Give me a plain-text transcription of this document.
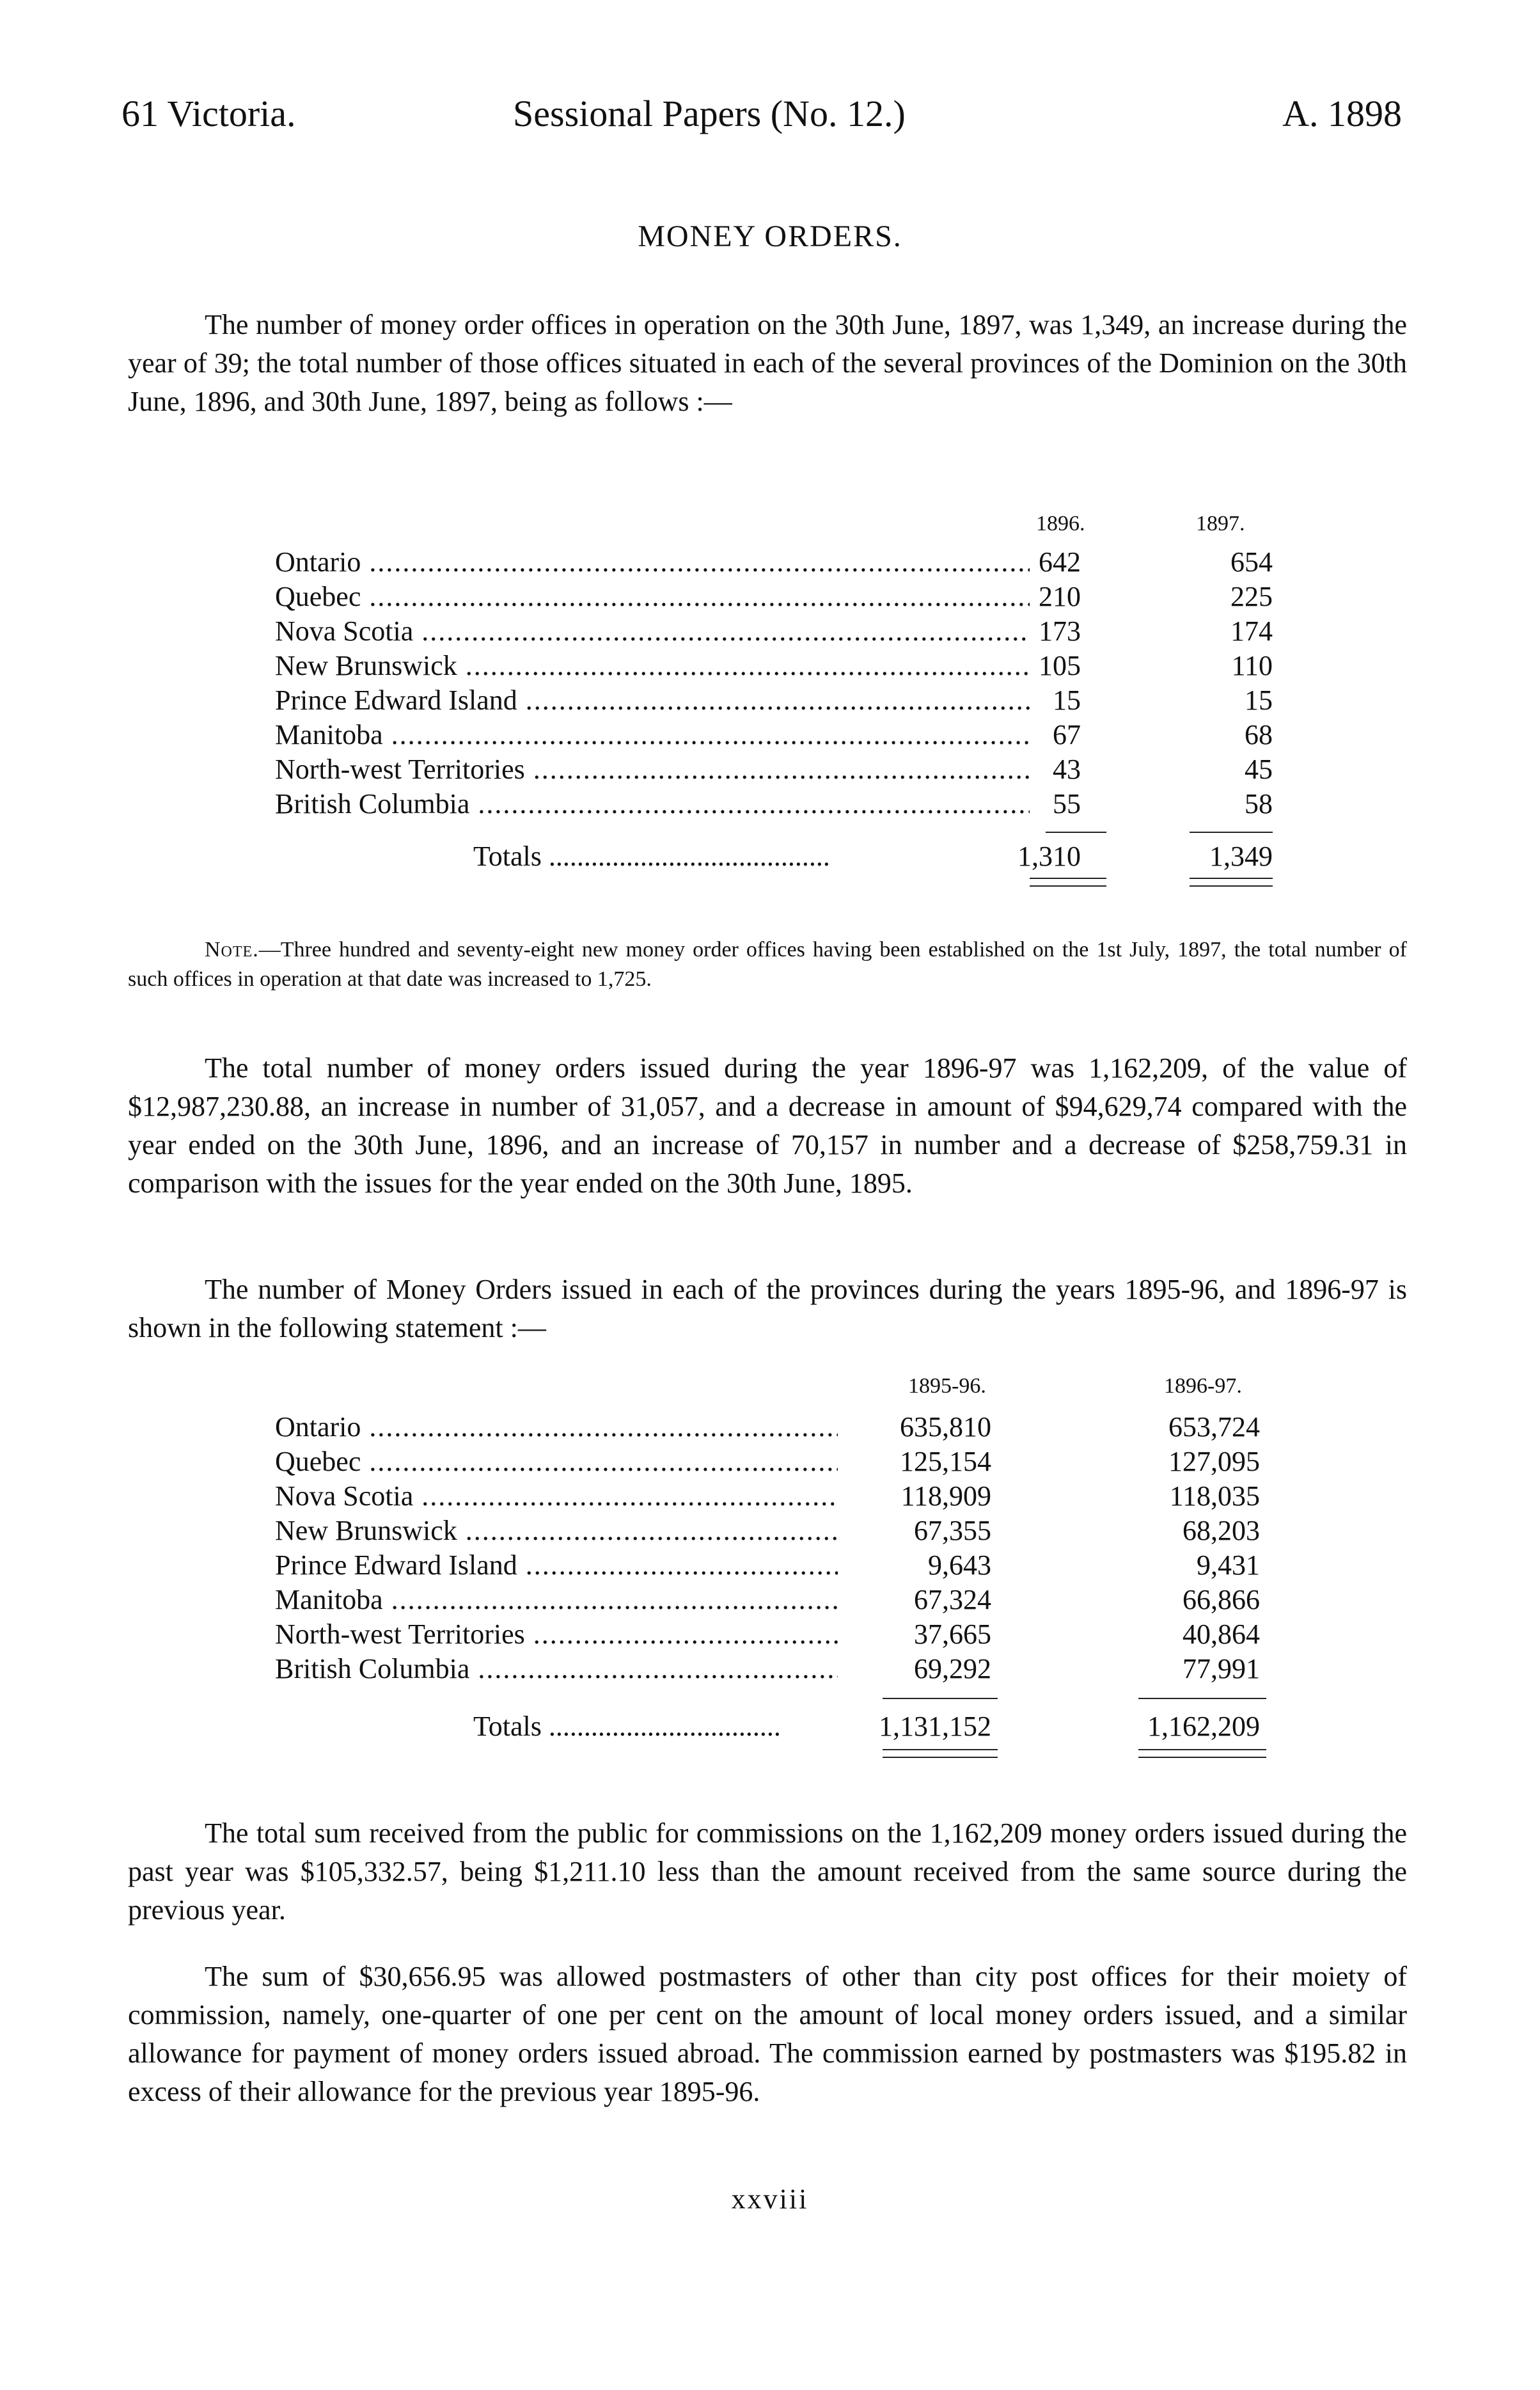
61 Victoria.	Sessional Papers (No. 12.)	A. 1898
MONEY ORDERS.
The number of money order offices in operation on the 30th June, 1897, was 1,349, an increase during the year of 39; the total number of those offices situated in each of the several provinces of the Dominion on the 30th June, 1896, and 30th June, 1897, being as follows :—
1896.	1897.
Ontario .....	642	654
Quebec .....	210	225
Nova Scotia .....	173	174
New Brunswick .....	105	110
Prince Edward Island .....	15	15
Manitoba .....	67	68
North-west Territories .....	43	45
British Columbia .....	55	58
Totals ........................................	1,310	1,349
Note.—Three hundred and seventy-eight new money order offices having been established on the 1st July, 1897, the total number of such offices in operation at that date was increased to 1,725.
The total number of money orders issued during the year 1896-97 was 1,162,209, of the value of $12,987,230.88, an increase in number of 31,057, and a decrease in amount of $94,629,74 compared with the year ended on the 30th June, 1896, and an increase of 70,157 in number and a decrease of $258,759.31 in comparison with the issues for the year ended on the 30th June, 1895.
The number of Money Orders issued in each of the provinces during the years 1895-96, and 1896-97 is shown in the following statement :—
1895-96.	1896-97.
Ontario .....	635,810	653,724
Quebec .....	125,154	127,095
Nova Scotia .....	118,909	118,035
New Brunswick .....	67,355	68,203
Prince Edward Island .....	9,643	9,431
Manitoba .....	67,324	66,866
North-west Territories .....	37,665	40,864
British Columbia .....	69,292	77,991
Totals .................................	1,131,152	1,162,209
The total sum received from the public for commissions on the 1,162,209 money orders issued during the past year was $105,332.57, being $1,211.10 less than the amount received from the same source during the previous year.
The sum of $30,656.95 was allowed postmasters of other than city post offices for their moiety of commission, namely, one-quarter of one per cent on the amount of local money orders issued, and a similar allowance for payment of money orders issued abroad. The commission earned by postmasters was $195.82 in excess of their allowance for the previous year 1895-96.
xxviii
